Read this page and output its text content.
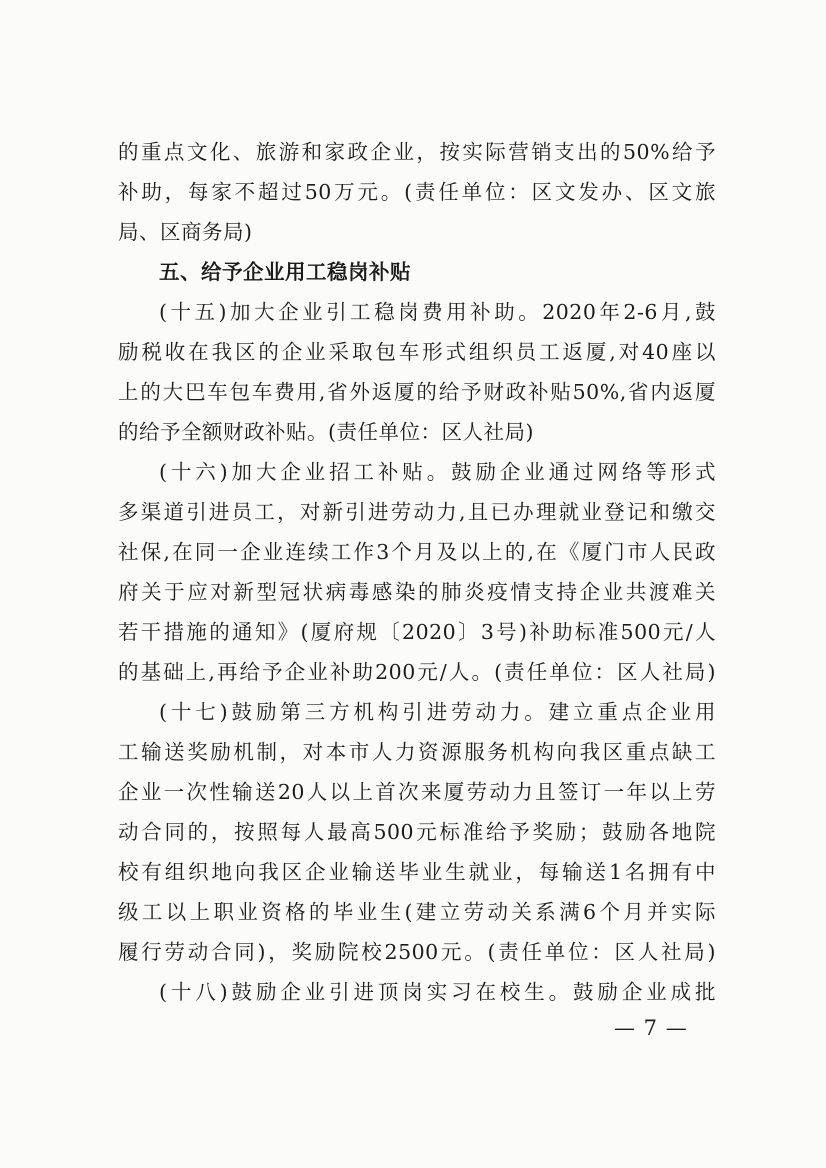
的重点文化、旅游和家政企业，按实际营销支出的50%给予
补助，每家不超过50万元。(责任单位：区文发办、区文旅
局、区商务局)
五、给予企业用工稳岗补贴
(十五)加大企业引工稳岗费用补助。2020年2-6月,鼓
励税收在我区的企业采取包车形式组织员工返厦,对40座以
上的大巴车包车费用,省外返厦的给予财政补贴50%,省内返厦
的给予全额财政补贴。(责任单位：区人社局)
(十六)加大企业招工补贴。鼓励企业通过网络等形式
多渠道引进员工，对新引进劳动力,且已办理就业登记和缴交
社保,在同一企业连续工作3个月及以上的,在《厦门市人民政
府关于应对新型冠状病毒感染的肺炎疫情支持企业共渡难关
若干措施的通知》(厦府规〔2020〕3号)补助标准500元/人
的基础上,再给予企业补助200元/人。(责任单位：区人社局)
(十七)鼓励第三方机构引进劳动力。建立重点企业用
工输送奖励机制，对本市人力资源服务机构向我区重点缺工
企业一次性输送20人以上首次来厦劳动力且签订一年以上劳
动合同的，按照每人最高500元标准给予奖励；鼓励各地院
校有组织地向我区企业输送毕业生就业，每输送1名拥有中
级工以上职业资格的毕业生(建立劳动关系满6个月并实际
履行劳动合同)，奖励院校2500元。(责任单位：区人社局)
(十八)鼓励企业引进顶岗实习在校生。鼓励企业成批
— 7 —
